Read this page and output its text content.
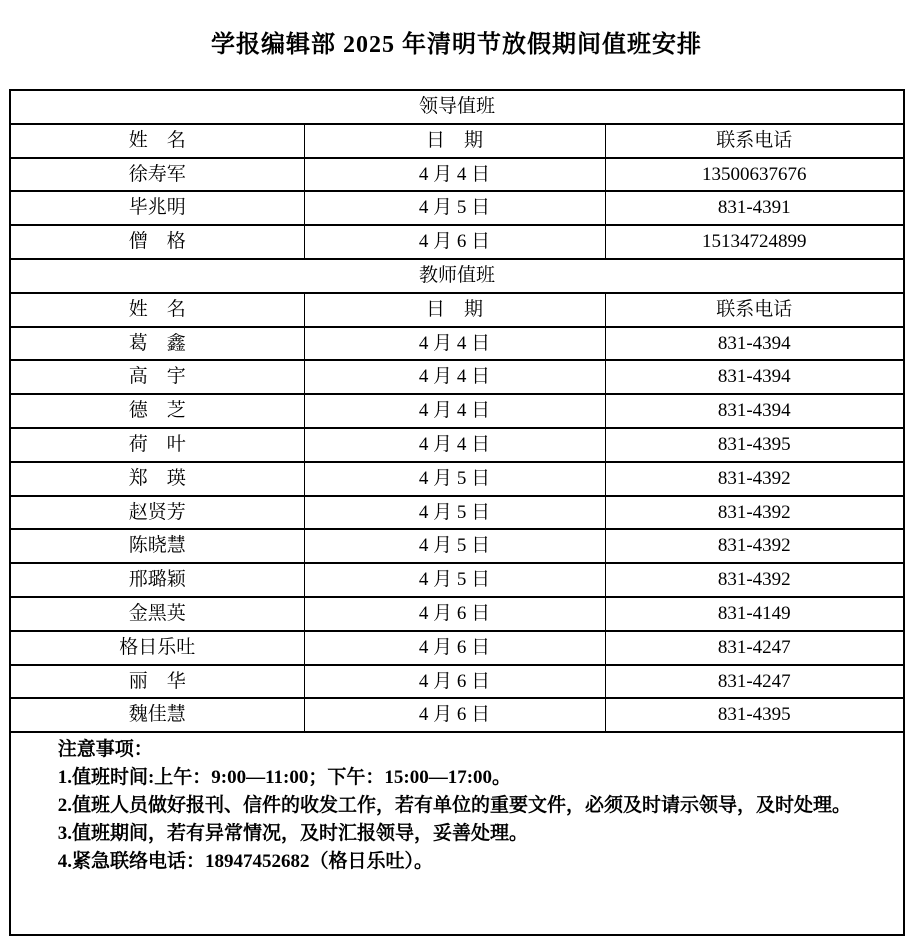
学报编辑部 2025 年清明节放假期间值班安排
领导值班		
姓　名	日　期	联系电话
徐寿军	4 月 4 日	13500637676
毕兆明	4 月 5 日	831-4391
僧　格	4 月 6 日	15134724899
教师值班		
姓　名	日　期	联系电话
葛　鑫	4 月 4 日	831-4394
高　宇	4 月 4 日	831-4394
德　芝	4 月 4 日	831-4394
荷　叶	4 月 4 日	831-4395
郑　瑛	4 月 5 日	831-4392
赵贤芳	4 月 5 日	831-4392
陈晓慧	4 月 5 日	831-4392
邢璐颖	4 月 5 日	831-4392
金黑英	4 月 6 日	831-4149
格日乐吐	4 月 6 日	831-4247
丽　华	4 月 6 日	831-4247
魏佳慧	4 月 6 日	831-4395

注意事项：

1.值班时间:上午：9:00—11:00；下午：15:00—17:00。

2.值班人员做好报刊、信件的收发工作，若有单位的重要文件，必须及时请示领导，及时处理。

3.值班期间，若有异常情况，及时汇报领导，妥善处理。

4.紧急联络电话：18947452682（格日乐吐）。		
